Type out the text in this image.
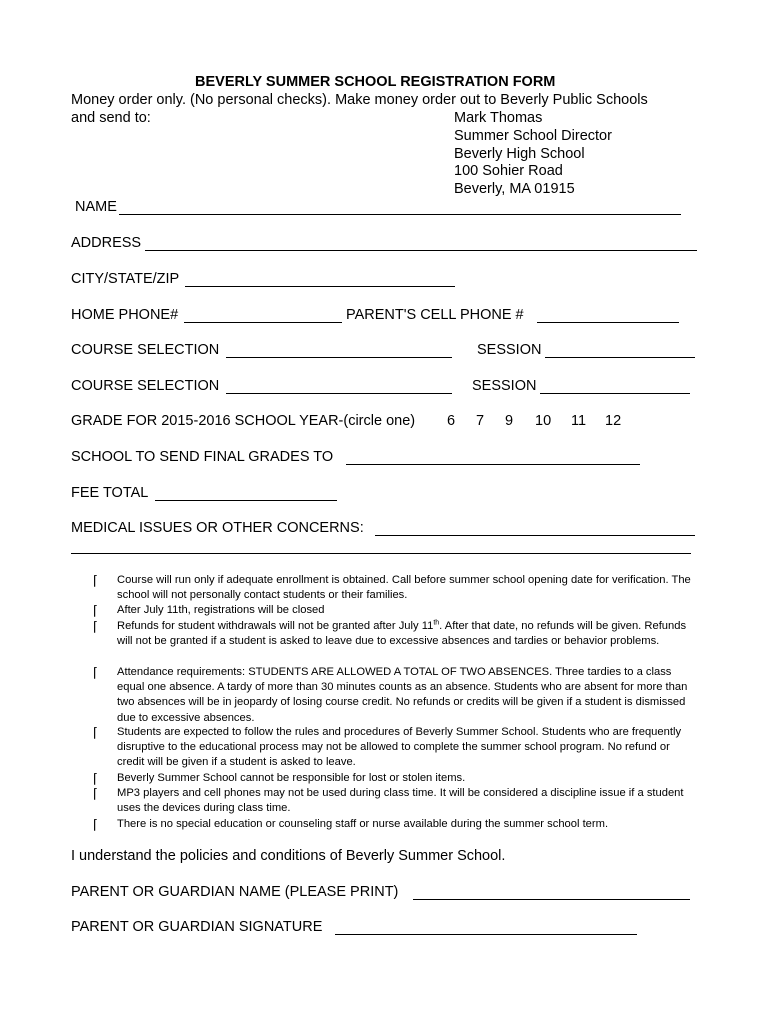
BEVERLY SUMMER SCHOOL REGISTRATION FORM
Money order only. (No personal checks). Make money order out to Beverly Public Schools
and send to:	Mark Thomas
Summer School Director
Beverly High School
100 Sohier Road
Beverly, MA 01915
NAME
ADDRESS
CITY/STATE/ZIP
HOME PHONE#	PARENT'S CELL PHONE #
COURSE SELECTION	SESSION
COURSE SELECTION	SESSION
GRADE FOR 2015-2016 SCHOOL YEAR-(circle one) 6 7 9 10 11 12
SCHOOL TO SEND FINAL GRADES TO
FEE TOTAL
MEDICAL ISSUES OR OTHER CONCERNS:
⌈ Course will run only if adequate enrollment is obtained. Call before summer school opening date for verification. The school will not personally contact students or their families.
⌈ After July 11th, registrations will be closed
⌈ Refunds for student withdrawals will not be granted after July 11th. After that date, no refunds will be given. Refunds will not be granted if a student is asked to leave due to excessive absences and tardies or behavior problems.
⌈ Attendance requirements: STUDENTS ARE ALLOWED A TOTAL OF TWO ABSENCES. Three tardies to a class equal one absence. A tardy of more than 30 minutes counts as an absence. Students who are absent for more than two absences will be in jeopardy of losing course credit. No refunds or credits will be given if a student is dismissed due to excessive absences.
⌈ Students are expected to follow the rules and procedures of Beverly Summer School. Students who are frequently disruptive to the educational process may not be allowed to complete the summer school program. No refund or credit will be given if a student is asked to leave.
⌈ Beverly Summer School cannot be responsible for lost or stolen items.
⌈ MP3 players and cell phones may not be used during class time. It will be considered a discipline issue if a student uses the devices during class time.
⌈ There is no special education or counseling staff or nurse available during the summer school term.
I understand the policies and conditions of Beverly Summer School.
PARENT OR GUARDIAN NAME (PLEASE PRINT)
PARENT OR GUARDIAN SIGNATURE
